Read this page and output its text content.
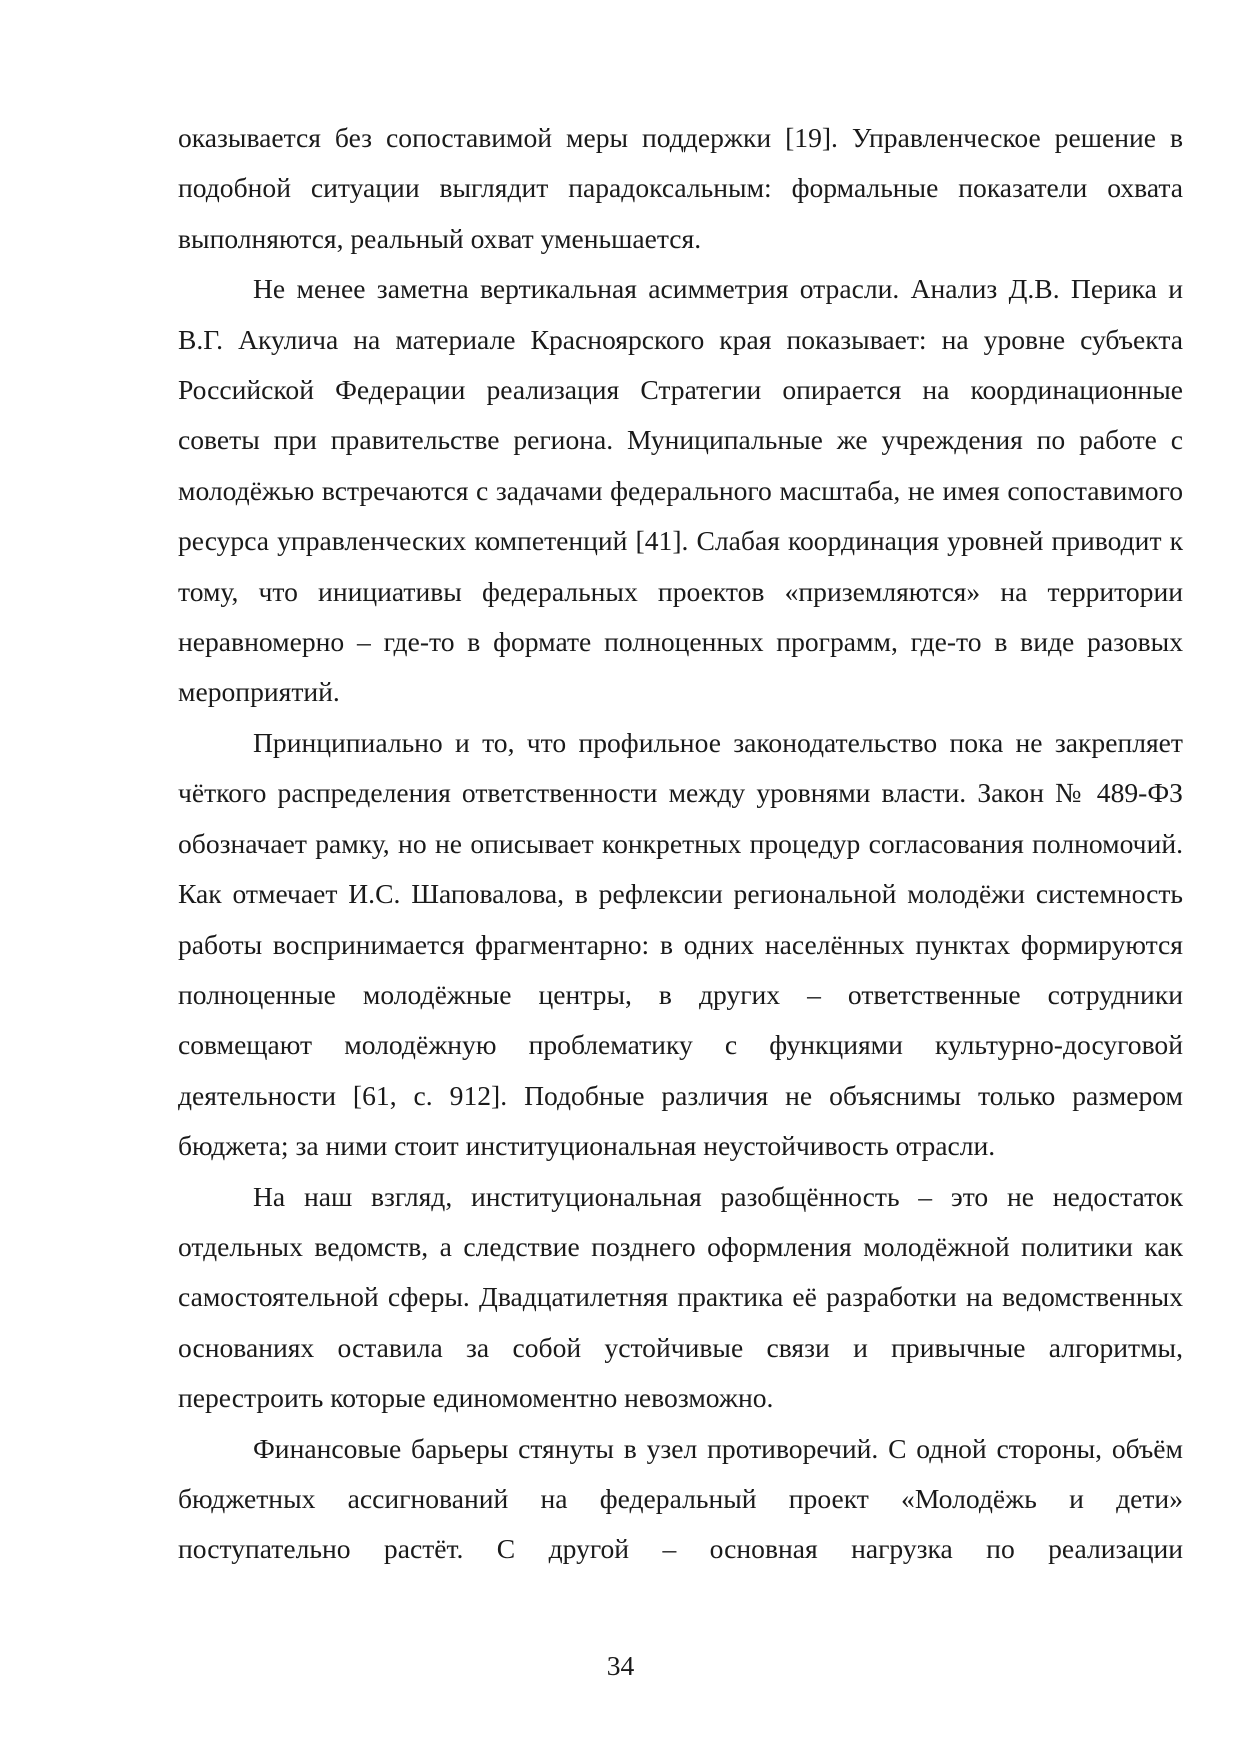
оказывается без сопоставимой меры поддержки [19]. Управленческое решение в подобной ситуации выглядит парадоксальным: формальные показатели охвата выполняются, реальный охват уменьшается.

Не менее заметна вертикальная асимметрия отрасли. Анализ Д.В. Перика и В.Г. Акулича на материале Красноярского края показывает: на уровне субъекта Российской Федерации реализация Стратегии опирается на координационные советы при правительстве региона. Муниципальные же учреждения по работе с молодёжью встречаются с задачами федерального масштаба, не имея сопоставимого ресурса управленческих компетенций [41]. Слабая координация уровней приводит к тому, что инициативы федеральных проектов «приземляются» на территории неравномерно – где-то в формате полноценных программ, где-то в виде разовых мероприятий.

Принципиально и то, что профильное законодательство пока не закрепляет чёткого распределения ответственности между уровнями власти. Закон № 489-ФЗ обозначает рамку, но не описывает конкретных процедур согласования полномочий. Как отмечает И.С. Шаповалова, в рефлексии региональной молодёжи системность работы воспринимается фрагментарно: в одних населённых пунктах формируются полноценные молодёжные центры, в других – ответственные сотрудники совмещают молодёжную проблематику с функциями культурно-досуговой деятельности [61, с. 912]. Подобные различия не объяснимы только размером бюджета; за ними стоит институциональная неустойчивость отрасли.

На наш взгляд, институциональная разобщённость – это не недостаток отдельных ведомств, а следствие позднего оформления молодёжной политики как самостоятельной сферы. Двадцатилетняя практика её разработки на ведомственных основаниях оставила за собой устойчивые связи и привычные алгоритмы, перестроить которые единомоментно невозможно.

Финансовые барьеры стянуты в узел противоречий. С одной стороны, объём бюджетных ассигнований на федеральный проект «Молодёжь и дети» поступательно растёт. С другой – основная нагрузка по реализации

34
